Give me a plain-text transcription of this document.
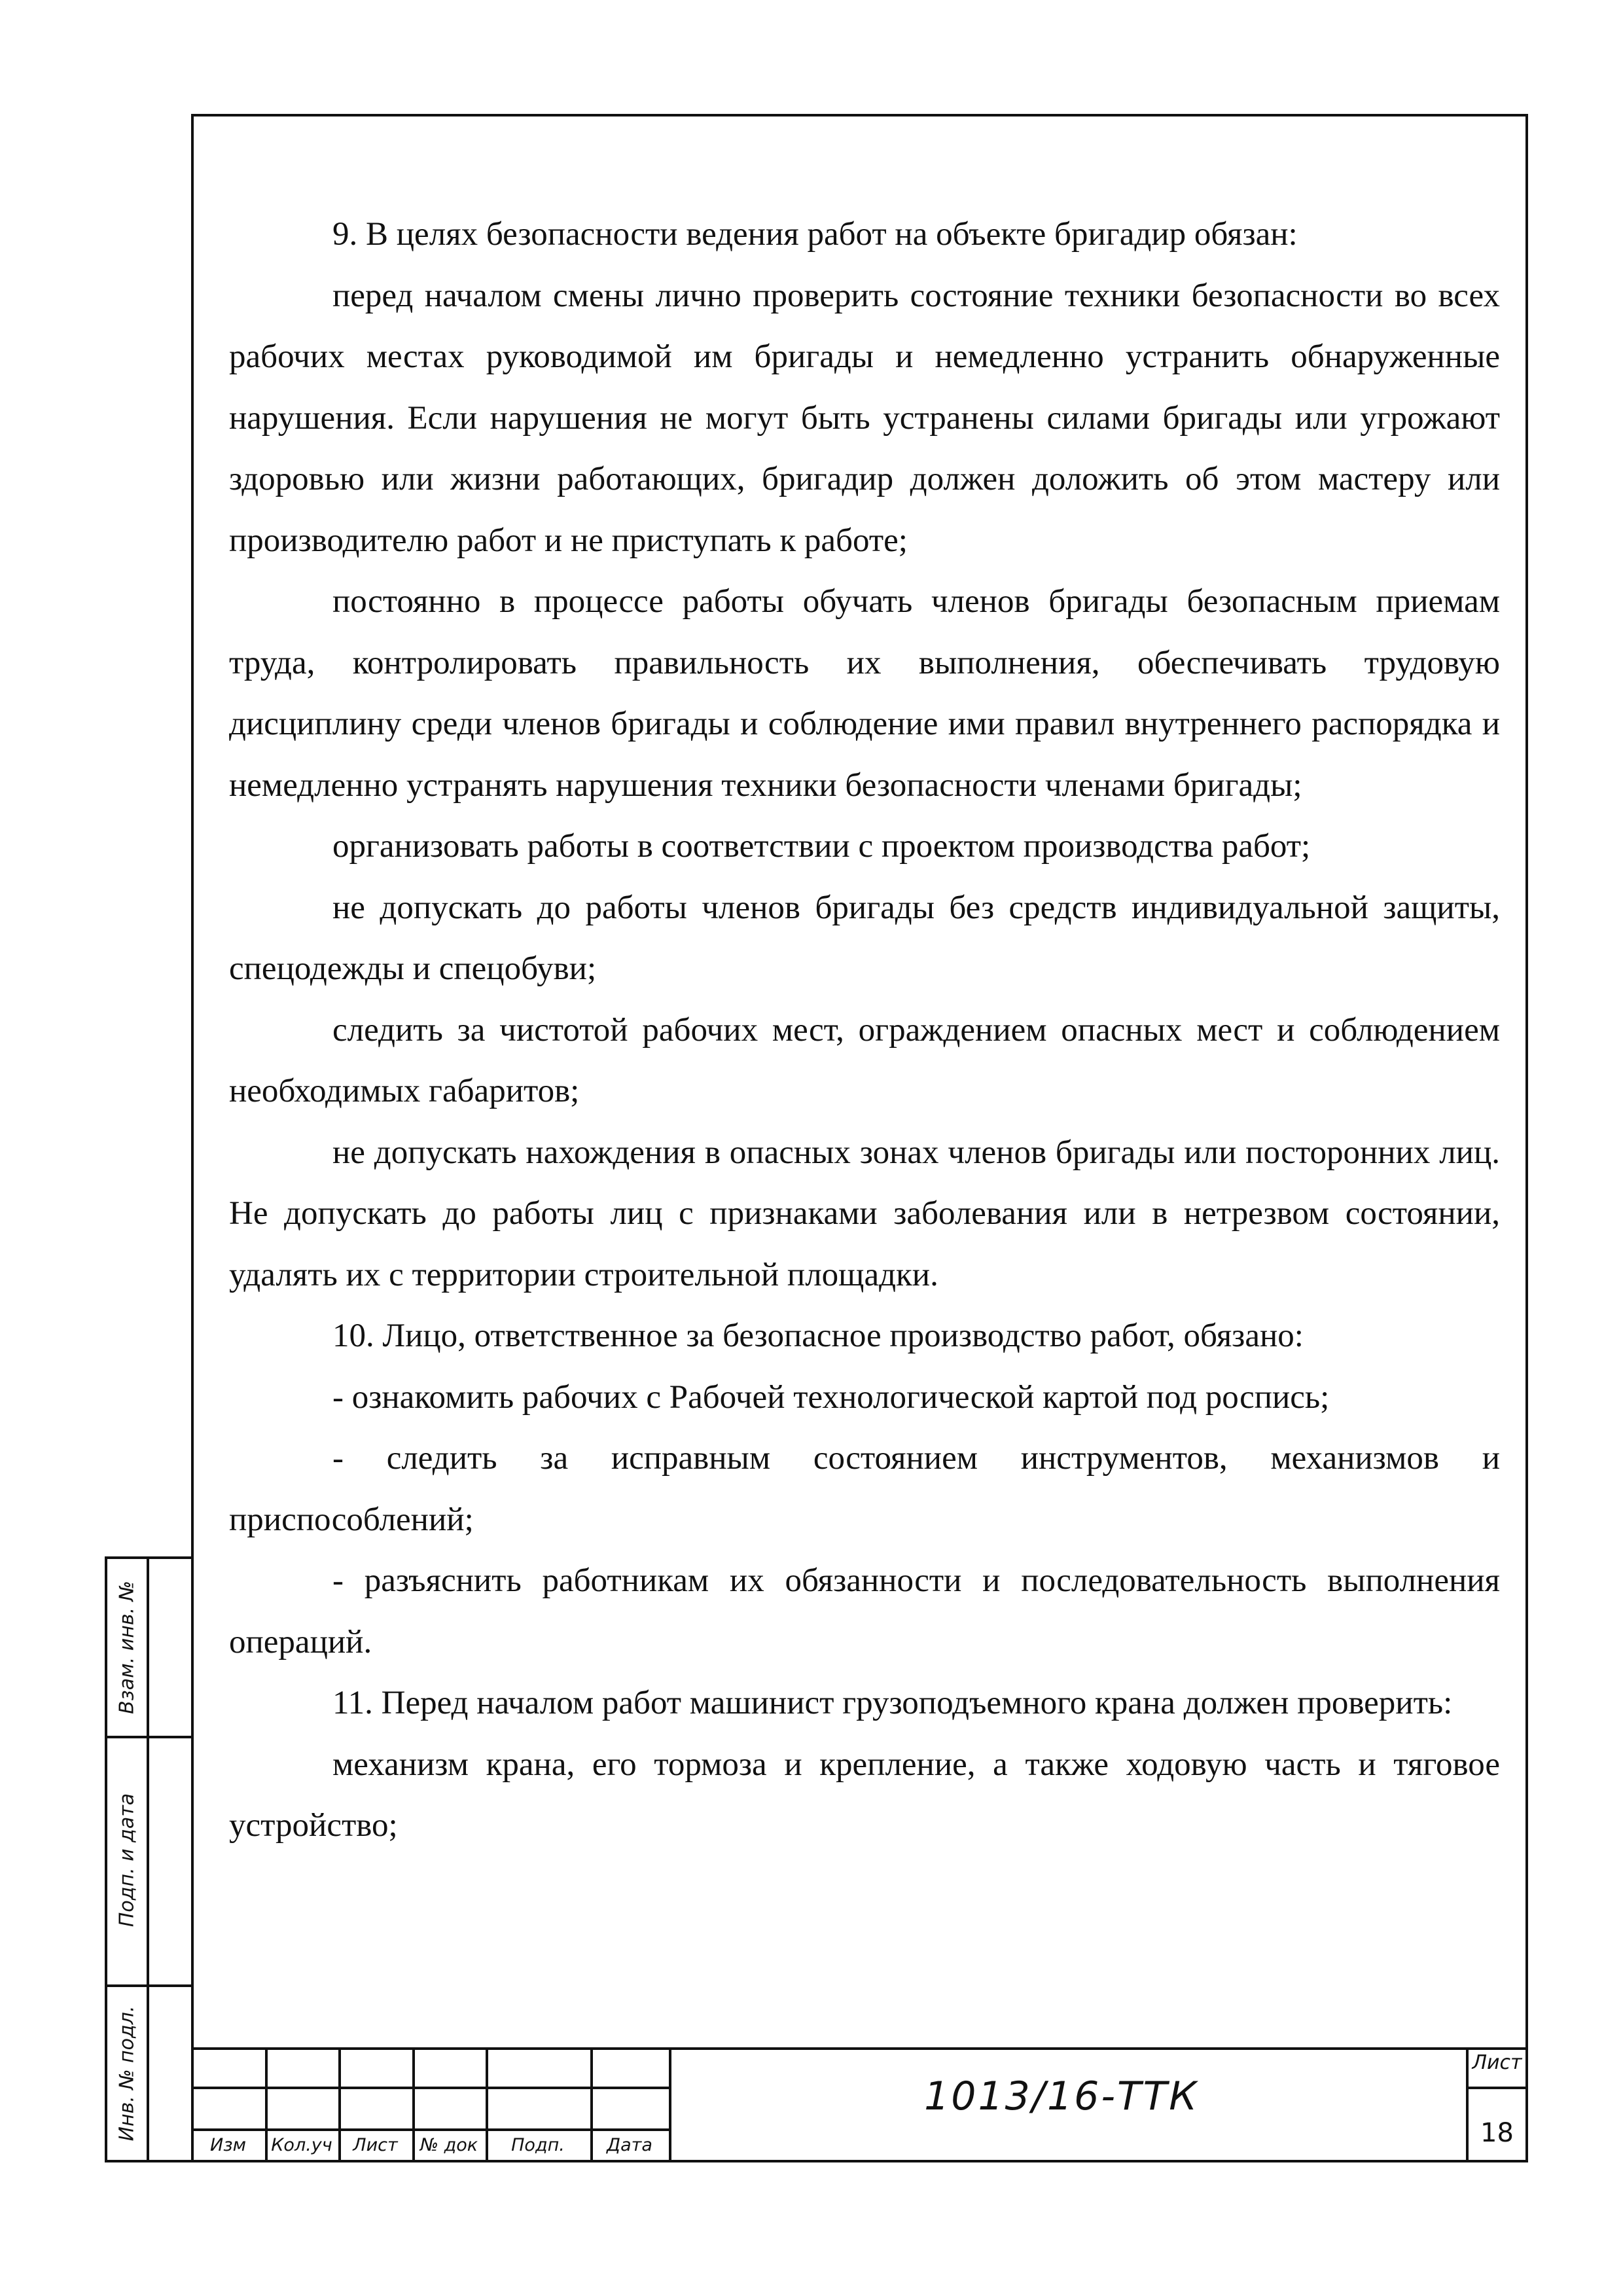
9. В целях безопасности ведения работ на объекте бригадир обязан:

перед началом смены лично проверить состояние техники безопасности во всех рабочих местах руководимой им бригады и немедленно устранить обнаруженные нарушения. Если нарушения не могут быть устранены силами бригады или угрожают здоровью или жизни работающих, бригадир должен доложить об этом мастеру или производителю работ и не приступать к работе;

постоянно в процессе работы обучать членов бригады безопасным приемам труда, контролировать правильность их выполнения, обеспечивать трудовую дисциплину среди членов бригады и соблюдение ими правил внутреннего распорядка и немедленно устранять нарушения техники безопасности членами бригады;

организовать работы в соответствии с проектом производства работ;

не допускать до работы членов бригады без средств индивидуальной защиты, спецодежды и спецобуви;

следить за чистотой рабочих мест, ограждением опасных мест и соблюдением необходимых габаритов;

не допускать нахождения в опасных зонах членов бригады или посторонних лиц. Не допускать до работы лиц с признаками заболевания или в нетрезвом состоянии, удалять их с территории строительной площадки.

10. Лицо, ответственное за безопасное производство работ, обязано:

- ознакомить рабочих с Рабочей технологической картой под роспись;

- следить за исправным состоянием инструментов, механизмов и приспособлений;

- разъяснить работникам их обязанности и последовательность выполнения операций.

11. Перед началом работ машинист грузоподъемного крана должен проверить:

механизм крана, его тормоза и крепление, а также ходовую часть и тяговое устройство;

Взам. инв. №
Подп. и дата
Инв. № подл.
Изм	Кол.уч	Лист	№ док	Подп.	Дата
1013/16-ТТК
Лист
18
